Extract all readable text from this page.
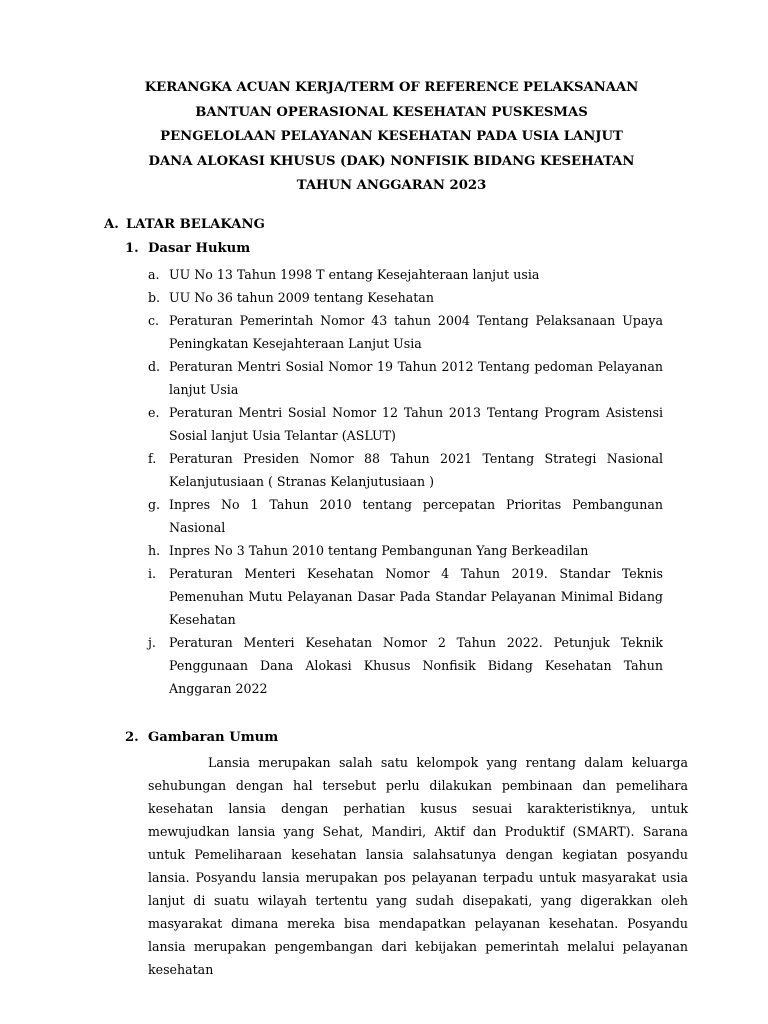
KERANGKA ACUAN KERJA/TERM OF REFERENCE PELAKSANAAN
BANTUAN OPERASIONAL KESEHATAN PUSKESMAS
PENGELOLAAN PELAYANAN KESEHATAN PADA USIA LANJUT
DANA ALOKASI KHUSUS (DAK) NONFISIK BIDANG KESEHATAN
TAHUN ANGGARAN 2023
A. LATAR BELAKANG
1. Dasar Hukum
a. UU No 13 Tahun 1998 T entang Kesejahteraan lanjut usia
b. UU No 36 tahun 2009 tentang Kesehatan
c. Peraturan Pemerintah Nomor 43 tahun 2004 Tentang Pelaksanaan Upaya Peningkatan Kesejahteraan Lanjut Usia
d. Peraturan Mentri Sosial Nomor 19 Tahun 2012 Tentang pedoman Pelayanan lanjut Usia
e. Peraturan Mentri Sosial Nomor 12 Tahun 2013 Tentang Program Asistensi Sosial lanjut Usia Telantar (ASLUT)
f. Peraturan Presiden Nomor 88 Tahun 2021 Tentang Strategi Nasional Kelanjutusiaan ( Stranas Kelanjutusiaan )
g. Inpres No 1 Tahun 2010 tentang percepatan Prioritas Pembangunan Nasional
h. Inpres No 3 Tahun 2010 tentang Pembangunan Yang Berkeadilan
i. Peraturan Menteri Kesehatan Nomor 4 Tahun 2019. Standar Teknis Pemenuhan Mutu Pelayanan Dasar Pada Standar Pelayanan Minimal Bidang Kesehatan
j. Peraturan Menteri Kesehatan Nomor 2 Tahun 2022. Petunjuk Teknik Penggunaan Dana Alokasi Khusus Nonfisik Bidang Kesehatan Tahun Anggaran 2022
2. Gambaran Umum

Lansia merupakan salah satu kelompok yang rentang dalam keluarga sehubungan dengan hal tersebut perlu dilakukan pembinaan dan pemelihara kesehatan lansia dengan perhatian kusus sesuai karakteristiknya, untuk mewujudkan lansia yang Sehat, Mandiri, Aktif dan Produktif (SMART). Sarana untuk Pemeliharaan kesehatan lansia salahsatunya dengan kegiatan posyandu lansia. Posyandu lansia merupakan pos pelayanan terpadu untuk masyarakat usia lanjut di suatu wilayah tertentu yang sudah disepakati, yang digerakkan oleh masyarakat dimana mereka bisa mendapatkan pelayanan kesehatan. Posyandu lansia merupakan pengembangan dari kebijakan pemerintah melalui pelayanan kesehatan
